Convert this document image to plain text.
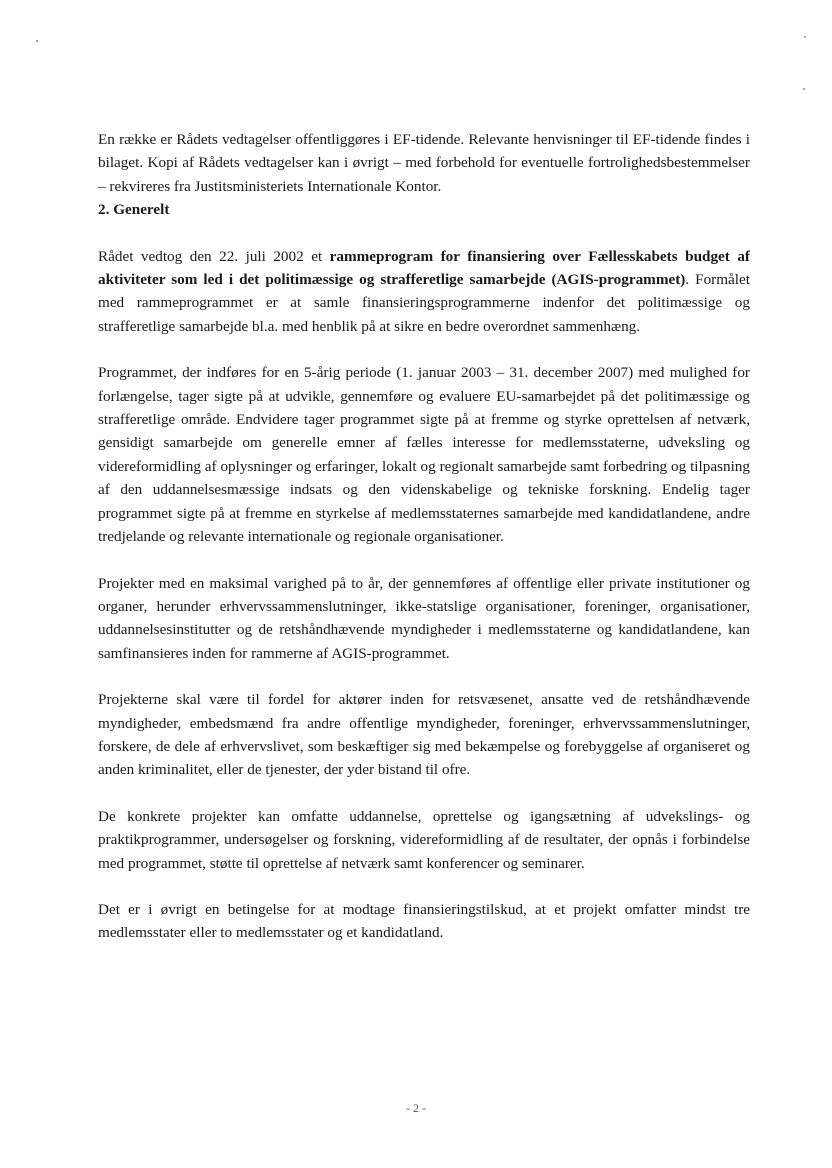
En række er Rådets vedtagelser offentliggøres i EF-tidende. Relevante henvisninger til EF-tidende findes i bilaget. Kopi af Rådets vedtagelser kan i øvrigt – med forbehold for eventuelle fortrolighedsbestemmelser – rekvireres fra Justitsministeriets Internationale Kontor.

2. Generelt

Rådet vedtog den 22. juli 2002 et rammeprogram for finansiering over Fællesskabets budget af aktiviteter som led i det politimæssige og strafferetlige samarbejde (AGIS-programmet). Formålet med rammeprogrammet er at samle finansieringsprogrammerne indenfor det politimæssige og strafferetlige samarbejde bl.a. med henblik på at sikre en bedre overordnet sammenhæng.

Programmet, der indføres for en 5-årig periode (1. januar 2003 – 31. december 2007) med mulighed for forlængelse, tager sigte på at udvikle, gennemføre og evaluere EU-samarbejdet på det politimæssige og strafferetlige område. Endvidere tager programmet sigte på at fremme og styrke oprettelsen af netværk, gensidigt samarbejde om generelle emner af fælles interesse for medlemsstaterne, udveksling og videreformidling af oplysninger og erfaringer, lokalt og regionalt samarbejde samt forbedring og tilpasning af den uddannelsesmæssige indsats og den videnskabelige og tekniske forskning. Endelig tager programmet sigte på at fremme en styrkelse af medlemsstaternes samarbejde med kandidatlandene, andre tredjelande og relevante internationale og regionale organisationer.

Projekter med en maksimal varighed på to år, der gennemføres af offentlige eller private institutioner og organer, herunder erhvervssammenslutninger, ikke-statslige organisationer, foreninger, organisationer, uddannelsesinstitutter og de retshåndhævende myndigheder i medlemsstaterne og kandidatlandene, kan samfinansieres inden for rammerne af AGIS-programmet.

Projekterne skal være til fordel for aktører inden for retsvæsenet, ansatte ved de retshåndhævende myndigheder, embedsmænd fra andre offentlige myndigheder, foreninger, erhvervssammenslutninger, forskere, de dele af erhvervslivet, som beskæftiger sig med bekæmpelse og forebyggelse af organiseret og anden kriminalitet, eller de tjenester, der yder bistand til ofre.

De konkrete projekter kan omfatte uddannelse, oprettelse og igangsætning af udvekslings- og praktikprogrammer, undersøgelser og forskning, videreformidling af de resultater, der opnås i forbindelse med programmet, støtte til oprettelse af netværk samt konferencer og seminarer.

Det er i øvrigt en betingelse for at modtage finansieringstilskud, at et projekt omfatter mindst tre medlemsstater eller to medlemsstater og et kandidatland.

- 2 -
